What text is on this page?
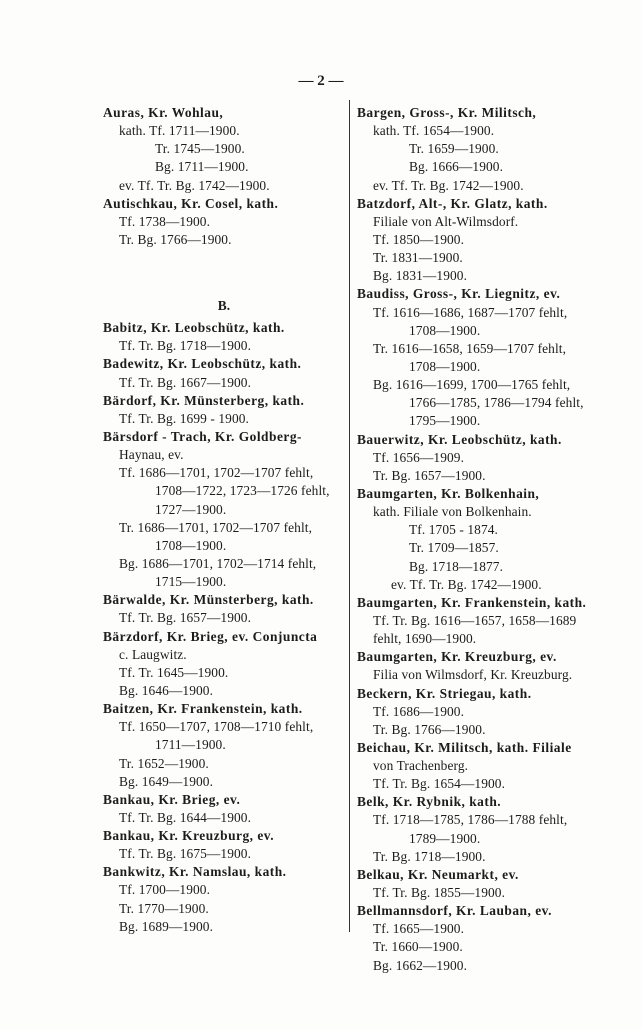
— 2 —
Auras, Kr. Wohlau,
kath. Tf. 1711—1900.
Tr. 1745—1900.
Bg. 1711—1900.
ev. Tf. Tr. Bg. 1742—1900.
Autischkau, Kr. Cosel, kath.
Tf. 1738—1900.
Tr. Bg. 1766—1900.
B.
Babitz, Kr. Leobschütz, kath.
Tf. Tr. Bg. 1718—1900.
Badewitz, Kr. Leobschütz, kath.
Tf. Tr. Bg. 1667—1900.
Bärdorf, Kr. Münsterberg, kath.
Tf. Tr. Bg. 1699 - 1900.
Bärsdorf - Trach, Kr. Goldberg-
Haynau, ev.
Tf. 1686—1701, 1702—1707 fehlt,
1708—1722, 1723—1726 fehlt,
1727—1900.
Tr. 1686—1701, 1702—1707 fehlt,
1708—1900.
Bg. 1686—1701, 1702—1714 fehlt,
1715—1900.
Bärwalde, Kr. Münsterberg, kath.
Tf. Tr. Bg. 1657—1900.
Bärzdorf, Kr. Brieg, ev. Conjuncta
c. Laugwitz.
Tf. Tr. 1645—1900.
Bg. 1646—1900.
Baitzen, Kr. Frankenstein, kath.
Tf. 1650—1707, 1708—1710 fehlt,
1711—1900.
Tr. 1652—1900.
Bg. 1649—1900.
Bankau, Kr. Brieg, ev.
Tf. Tr. Bg. 1644—1900.
Bankau, Kr. Kreuzburg, ev.
Tf. Tr. Bg. 1675—1900.
Bankwitz, Kr. Namslau, kath.
Tf. 1700—1900.
Tr. 1770—1900.
Bg. 1689—1900.
Bargen, Gross-, Kr. Militsch,
kath. Tf. 1654—1900.
Tr. 1659—1900.
Bg. 1666—1900.
ev. Tf. Tr. Bg. 1742—1900.
Batzdorf, Alt-, Kr. Glatz, kath.
Filiale von Alt-Wilmsdorf.
Tf. 1850—1900.
Tr. 1831—1900.
Bg. 1831—1900.
Baudiss, Gross-, Kr. Liegnitz, ev.
Tf. 1616—1686, 1687—1707 fehlt,
1708—1900.
Tr. 1616—1658, 1659—1707 fehlt,
1708—1900.
Bg. 1616—1699, 1700—1765 fehlt,
1766—1785, 1786—1794 fehlt,
1795—1900.
Bauerwitz, Kr. Leobschütz, kath.
Tf. 1656—1909.
Tr. Bg. 1657—1900.
Baumgarten, Kr. Bolkenhain,
kath. Filiale von Bolkenhain.
Tf. 1705 - 1874.
Tr. 1709—1857.
Bg. 1718—1877.
ev. Tf. Tr. Bg. 1742—1900.
Baumgarten, Kr. Frankenstein, kath.
Tf. Tr. Bg. 1616—1657, 1658—1689
fehlt, 1690—1900.
Baumgarten, Kr. Kreuzburg, ev.
Filia von Wilmsdorf, Kr. Kreuzburg.
Beckern, Kr. Striegau, kath.
Tf. 1686—1900.
Tr. Bg. 1766—1900.
Beichau, Kr. Militsch, kath. Filiale
von Trachenberg.
Tf. Tr. Bg. 1654—1900.
Belk, Kr. Rybnik, kath.
Tf. 1718—1785, 1786—1788 fehlt,
1789—1900.
Tr. Bg. 1718—1900.
Belkau, Kr. Neumarkt, ev.
Tf. Tr. Bg. 1855—1900.
Bellmannsdorf, Kr. Lauban, ev.
Tf. 1665—1900.
Tr. 1660—1900.
Bg. 1662—1900.
